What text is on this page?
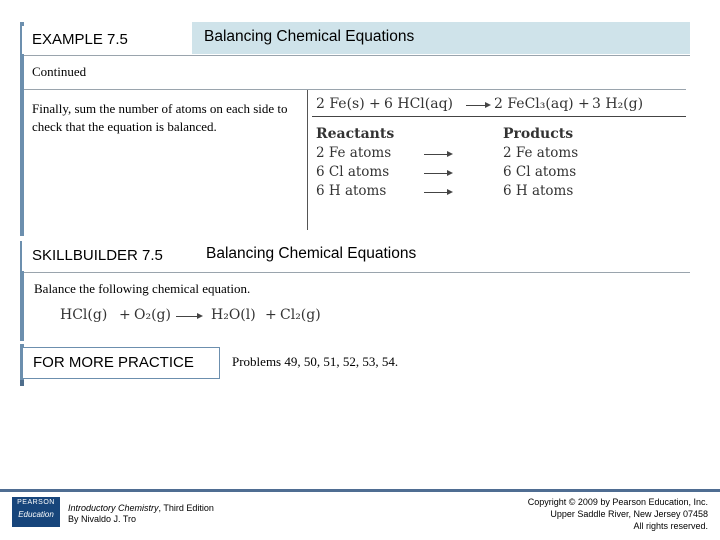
EXAMPLE 7.5	Balancing Chemical Equations
Continued
Finally, sum the number of atoms on each side to check that the equation is balanced.
2 Fe(s) + 6 HCl(aq)	2 FeCl₃(aq) + 3 H₂(g)
Reactants	Products
2 Fe atoms	2 Fe atoms
6 Cl atoms	6 Cl atoms
6 H atoms	6 H atoms
SKILLBUILDER 7.5	Balancing Chemical Equations
Balance the following chemical equation.
HCl(g) + O₂(g)	H₂O(l) + Cl₂(g)
FOR MORE PRACTICE	Problems 49, 50, 51, 52, 53, 54.
PEARSON
Education
Introductory Chemistry, Third Edition
By Nivaldo J. Tro
Copyright © 2009 by Pearson Education, Inc.
Upper Saddle River, New Jersey 07458
All rights reserved.
